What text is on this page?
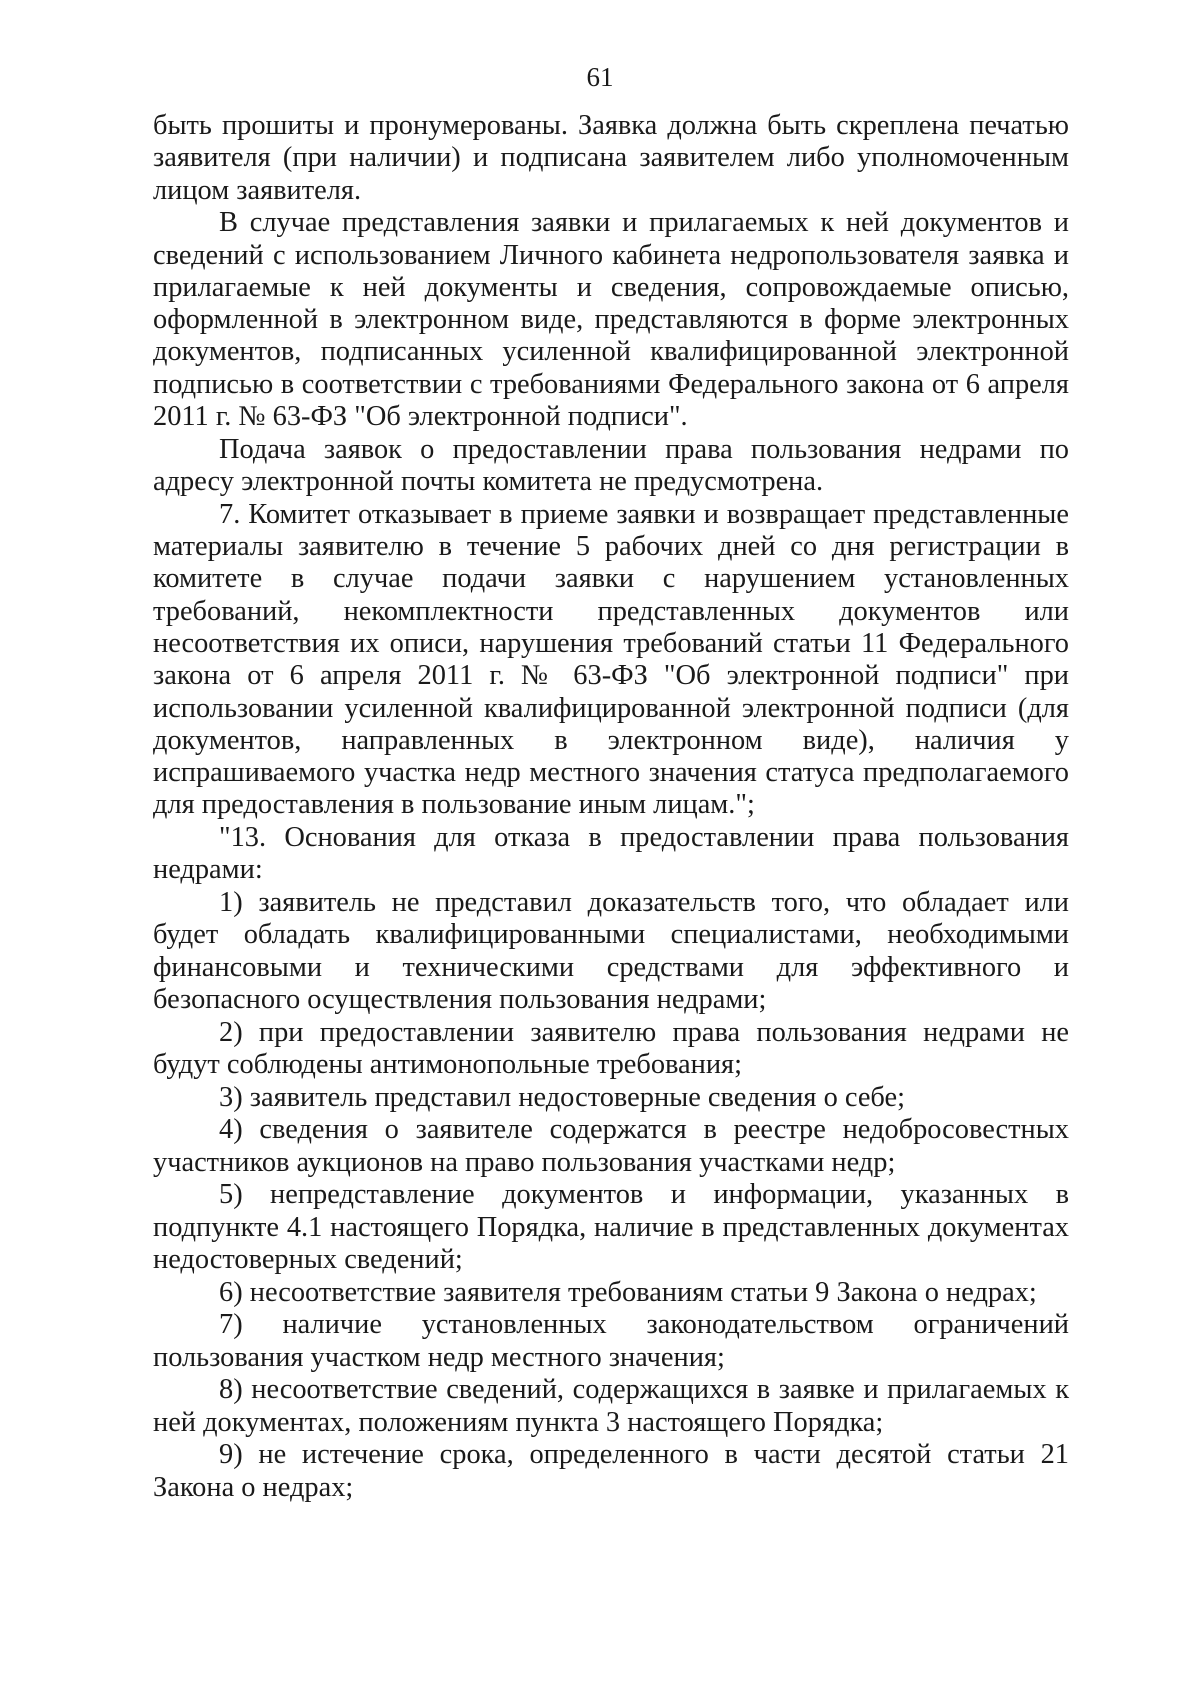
61

быть прошиты и пронумерованы. Заявка должна быть скреплена печатью заявителя (при наличии) и подписана заявителем либо уполномоченным лицом заявителя.

В случае представления заявки и прилагаемых к ней документов и сведений с использованием Личного кабинета недропользователя заявка и прилагаемые к ней документы и сведения, сопровождаемые описью, оформленной в электронном виде, представляются в форме электронных документов, подписанных усиленной квалифицированной электронной подписью в соответствии с требованиями Федерального закона от 6 апреля 2011 г. № 63-ФЗ "Об электронной подписи".

Подача заявок о предоставлении права пользования недрами по адресу электронной почты комитета не предусмотрена.

7. Комитет отказывает в приеме заявки и возвращает представленные материалы заявителю в течение 5 рабочих дней со дня регистрации в комитете в случае подачи заявки с нарушением установленных требований, некомплектности представленных документов или несоответствия их описи, нарушения требований статьи 11 Федерального закона от 6 апреля 2011 г. № 63-ФЗ "Об электронной подписи" при использовании усиленной квалифицированной электронной подписи (для документов, направленных в электронном виде), наличия у испрашиваемого участка недр местного значения статуса предполагаемого для предоставления в пользование иным лицам.";

"13. Основания для отказа в предоставлении права пользования недрами:

1) заявитель не представил доказательств того, что обладает или будет обладать квалифицированными специалистами, необходимыми финансовыми и техническими средствами для эффективного и безопасного осуществления пользования недрами;

2) при предоставлении заявителю права пользования недрами не будут соблюдены антимонопольные требования;

3) заявитель представил недостоверные сведения о себе;

4) сведения о заявителе содержатся в реестре недобросовестных участников аукционов на право пользования участками недр;

5) непредставление документов и информации, указанных в подпункте 4.1 настоящего Порядка, наличие в представленных документах недостоверных сведений;

6) несоответствие заявителя требованиям статьи 9 Закона о недрах;

7) наличие установленных законодательством ограничений пользования участком недр местного значения;

8) несоответствие сведений, содержащихся в заявке и прилагаемых к ней документах, положениям пункта 3 настоящего Порядка;

9) не истечение срока, определенного в части десятой статьи 21 Закона о недрах;
